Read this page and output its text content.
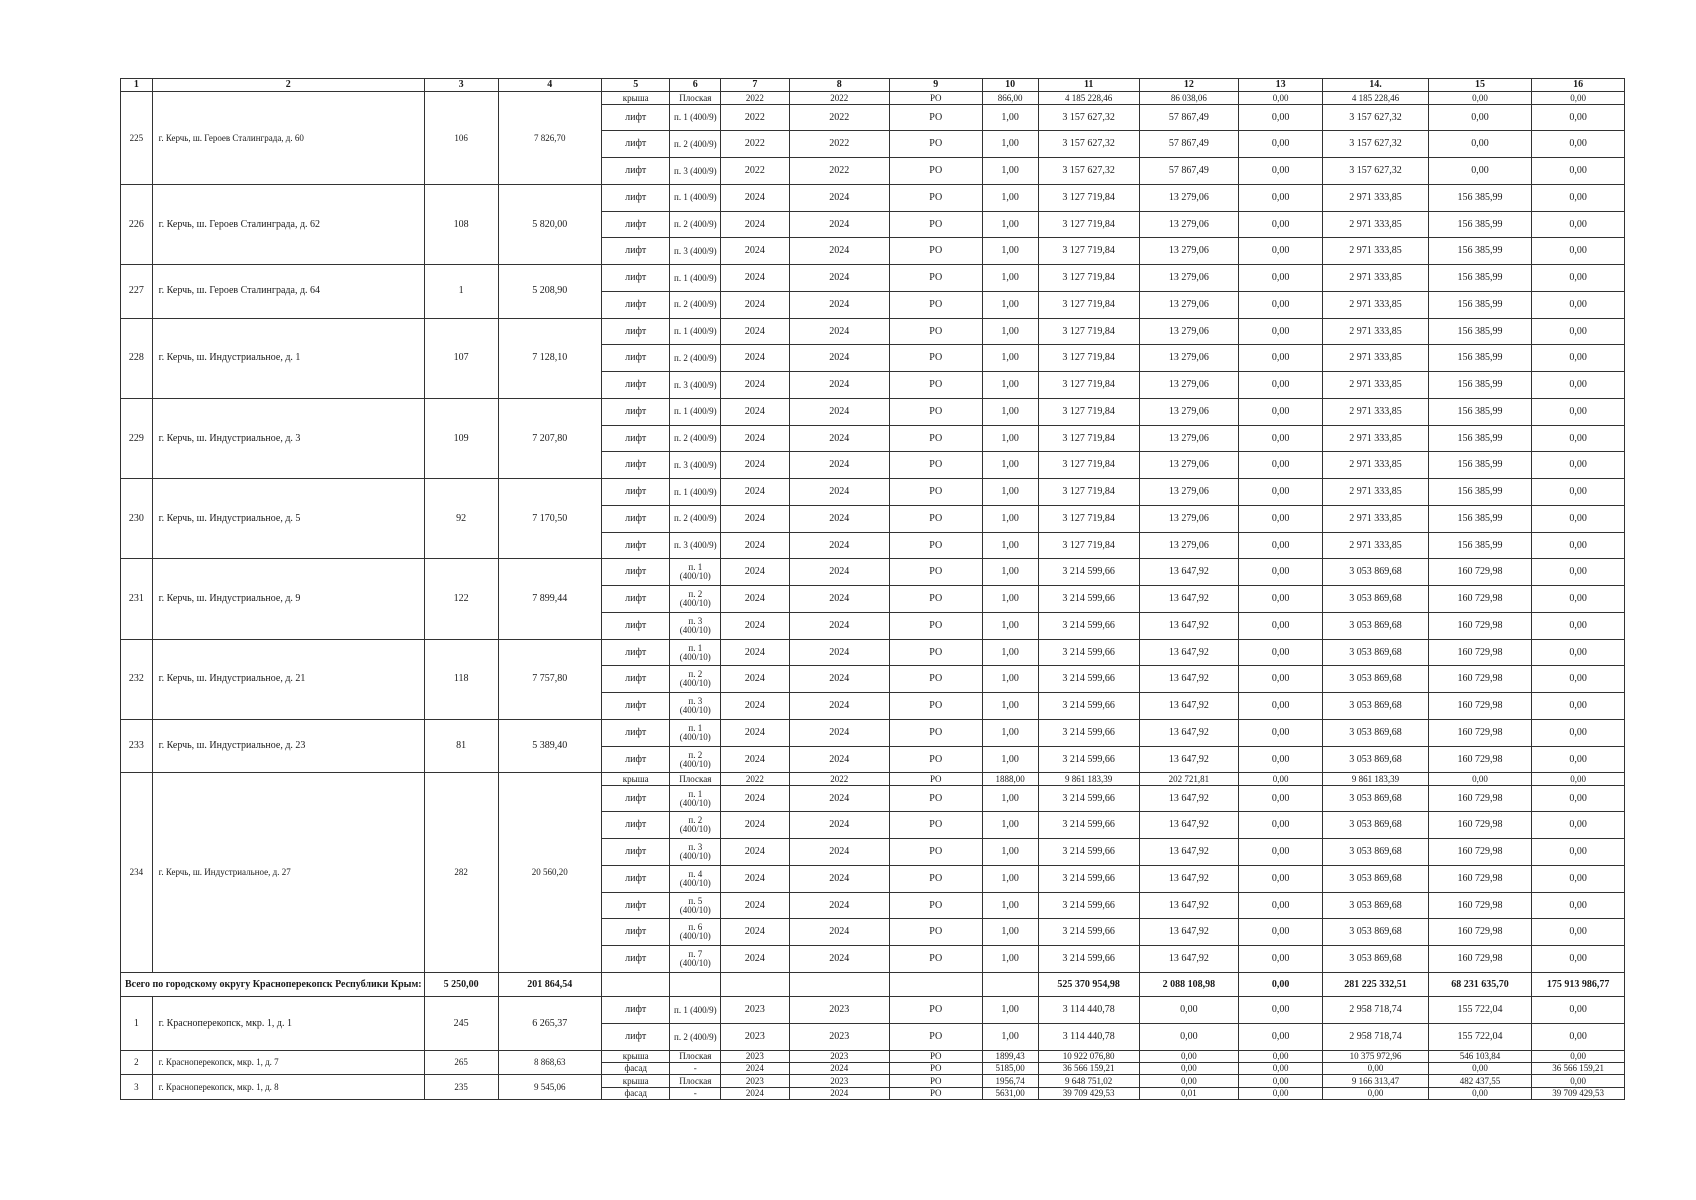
1	2	3	4	5	6	7	8	9	10	11	12	13	14.	15	16
225	г. Керчь, ш. Героев Сталинграда, д. 60	106	7 826,70	крыша	Плоская	2022	2022	РО	866,00	4 185 228,46	86 038,06	0,00	4 185 228,46	0,00	0,00
				лифт	п. 1 (400/9)	2022	2022	РО	1,00	3 157 627,32	57 867,49	0,00	3 157 627,32	0,00	0,00
				лифт	п. 2 (400/9)	2022	2022	РО	1,00	3 157 627,32	57 867,49	0,00	3 157 627,32	0,00	0,00
				лифт	п. 3 (400/9)	2022	2022	РО	1,00	3 157 627,32	57 867,49	0,00	3 157 627,32	0,00	0,00
226	г. Керчь, ш. Героев Сталинграда, д. 62	108	5 820,00	лифт	п. 1 (400/9)	2024	2024	РО	1,00	3 127 719,84	13 279,06	0,00	2 971 333,85	156 385,99	0,00
				лифт	п. 2 (400/9)	2024	2024	РО	1,00	3 127 719,84	13 279,06	0,00	2 971 333,85	156 385,99	0,00
				лифт	п. 3 (400/9)	2024	2024	РО	1,00	3 127 719,84	13 279,06	0,00	2 971 333,85	156 385,99	0,00
227	г. Керчь, ш. Героев Сталинграда, д. 64	1	5 208,90	лифт	п. 1 (400/9)	2024	2024	РО	1,00	3 127 719,84	13 279,06	0,00	2 971 333,85	156 385,99	0,00
				лифт	п. 2 (400/9)	2024	2024	РО	1,00	3 127 719,84	13 279,06	0,00	2 971 333,85	156 385,99	0,00
228	г. Керчь, ш. Индустриальное, д. 1	107	7 128,10	лифт	п. 1 (400/9)	2024	2024	РО	1,00	3 127 719,84	13 279,06	0,00	2 971 333,85	156 385,99	0,00
				лифт	п. 2 (400/9)	2024	2024	РО	1,00	3 127 719,84	13 279,06	0,00	2 971 333,85	156 385,99	0,00
				лифт	п. 3 (400/9)	2024	2024	РО	1,00	3 127 719,84	13 279,06	0,00	2 971 333,85	156 385,99	0,00
229	г. Керчь, ш. Индустриальное, д. 3	109	7 207,80	лифт	п. 1 (400/9)	2024	2024	РО	1,00	3 127 719,84	13 279,06	0,00	2 971 333,85	156 385,99	0,00
				лифт	п. 2 (400/9)	2024	2024	РО	1,00	3 127 719,84	13 279,06	0,00	2 971 333,85	156 385,99	0,00
				лифт	п. 3 (400/9)	2024	2024	РО	1,00	3 127 719,84	13 279,06	0,00	2 971 333,85	156 385,99	0,00
230	г. Керчь, ш. Индустриальное, д. 5	92	7 170,50	лифт	п. 1 (400/9)	2024	2024	РО	1,00	3 127 719,84	13 279,06	0,00	2 971 333,85	156 385,99	0,00
				лифт	п. 2 (400/9)	2024	2024	РО	1,00	3 127 719,84	13 279,06	0,00	2 971 333,85	156 385,99	0,00
				лифт	п. 3 (400/9)	2024	2024	РО	1,00	3 127 719,84	13 279,06	0,00	2 971 333,85	156 385,99	0,00
231	г. Керчь, ш. Индустриальное, д. 9	122	7 899,44	лифт	п. 1 (400/10)	2024	2024	РО	1,00	3 214 599,66	13 647,92	0,00	3 053 869,68	160 729,98	0,00
				лифт	п. 2 (400/10)	2024	2024	РО	1,00	3 214 599,66	13 647,92	0,00	3 053 869,68	160 729,98	0,00
				лифт	п. 3 (400/10)	2024	2024	РО	1,00	3 214 599,66	13 647,92	0,00	3 053 869,68	160 729,98	0,00
232	г. Керчь, ш. Индустриальное, д. 21	118	7 757,80	лифт	п. 1 (400/10)	2024	2024	РО	1,00	3 214 599,66	13 647,92	0,00	3 053 869,68	160 729,98	0,00
				лифт	п. 2 (400/10)	2024	2024	РО	1,00	3 214 599,66	13 647,92	0,00	3 053 869,68	160 729,98	0,00
				лифт	п. 3 (400/10)	2024	2024	РО	1,00	3 214 599,66	13 647,92	0,00	3 053 869,68	160 729,98	0,00
233	г. Керчь, ш. Индустриальное, д. 23	81	5 389,40	лифт	п. 1 (400/10)	2024	2024	РО	1,00	3 214 599,66	13 647,92	0,00	3 053 869,68	160 729,98	0,00
				лифт	п. 2 (400/10)	2024	2024	РО	1,00	3 214 599,66	13 647,92	0,00	3 053 869,68	160 729,98	0,00
234	г. Керчь, ш. Индустриальное, д. 27	282	20 560,20	крыша	Плоская	2022	2022	РО	1888,00	9 861 183,39	202 721,81	0,00	9 861 183,39	0,00	0,00
				лифт	п. 1 (400/10)	2024	2024	РО	1,00	3 214 599,66	13 647,92	0,00	3 053 869,68	160 729,98	0,00
				лифт	п. 2 (400/10)	2024	2024	РО	1,00	3 214 599,66	13 647,92	0,00	3 053 869,68	160 729,98	0,00
				лифт	п. 3 (400/10)	2024	2024	РО	1,00	3 214 599,66	13 647,92	0,00	3 053 869,68	160 729,98	0,00
				лифт	п. 4 (400/10)	2024	2024	РО	1,00	3 214 599,66	13 647,92	0,00	3 053 869,68	160 729,98	0,00
				лифт	п. 5 (400/10)	2024	2024	РО	1,00	3 214 599,66	13 647,92	0,00	3 053 869,68	160 729,98	0,00
				лифт	п. 6 (400/10)	2024	2024	РО	1,00	3 214 599,66	13 647,92	0,00	3 053 869,68	160 729,98	0,00
				лифт	п. 7 (400/10)	2024	2024	РО	1,00	3 214 599,66	13 647,92	0,00	3 053 869,68	160 729,98	0,00
Всего по городскому округу Красноперекопск Республики Крым:		5 250,00	201 864,54							525 370 954,98	2 088 108,98	0,00	281 225 332,51	68 231 635,70	175 913 986,77
1	г. Красноперекопск, мкр. 1, д. 1	245	6 265,37	лифт	п. 1 (400/9)	2023	2023	РО	1,00	3 114 440,78	0,00	0,00	2 958 718,74	155 722,04	0,00
				лифт	п. 2 (400/9)	2023	2023	РО	1,00	3 114 440,78	0,00	0,00	2 958 718,74	155 722,04	0,00
2	г. Красноперекопск, мкр. 1, д. 7	265	8 868,63	крыша	Плоская	2023	2023	РО	1899,43	10 922 076,80	0,00	0,00	10 375 972,96	546 103,84	0,00
				фасад	-	2024	2024	РО	5185,00	36 566 159,21	0,00	0,00	0,00	0,00	36 566 159,21
3	г. Красноперекопск, мкр. 1, д. 8	235	9 545,06	крыша	Плоская	2023	2023	РО	1956,74	9 648 751,02	0,00	0,00	9 166 313,47	482 437,55	0,00
				фасад	-	2024	2024	РО	5631,00	39 709 429,53	0,01	0,00	0,00	0,00	39 709 429,53
